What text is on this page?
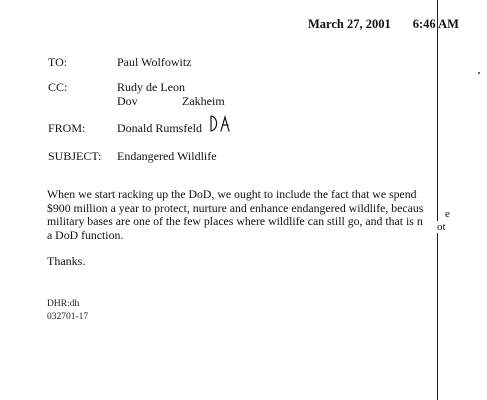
March 27, 2001 6:46 AM
TO:	Paul Wolfowitz
CC:	Rudy de Leon
Dov	Zakheim
FROM:	Donald Rumsfeld
SUBJECT: Endangered Wildlife
When we start racking up the DoD, we ought to include the fact that we spend
$900 million a year to protect, nurture and enhance endangered wildlife, becaus
military bases are one of the few places where wildlife can still go, and that is n
a DoD function.
e
ot
Thanks.
DHR:dh
032701-17
